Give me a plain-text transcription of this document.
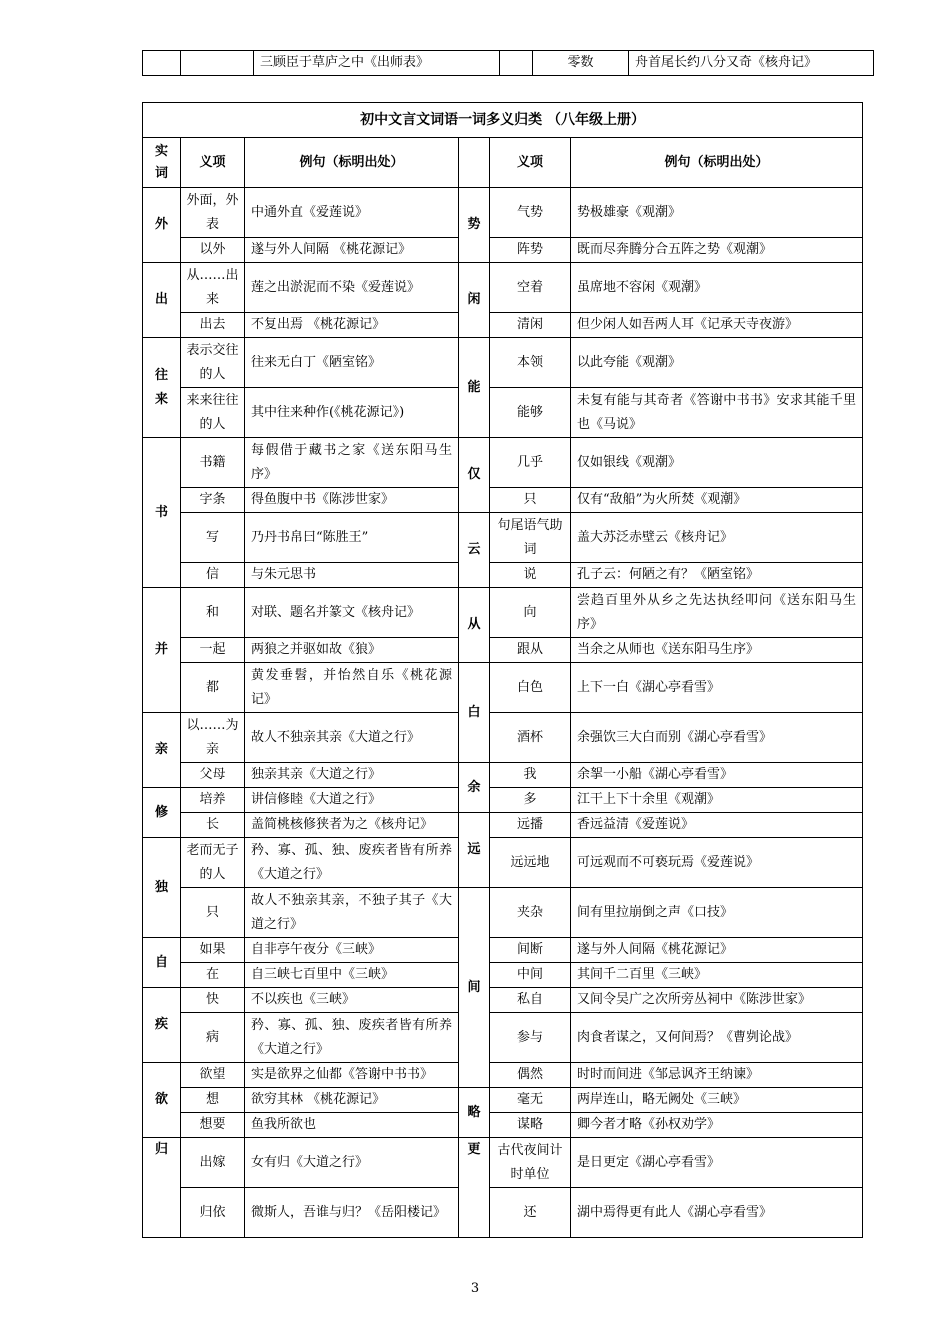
		三顾臣于草庐之中《出师表》		零数	舟首尾长约八分又奇《核舟记》
初中文言文词语一词多义归类 （八年级上册）					
实词	义项	例句（标明出处）		义项	例句（标明出处）
外	外面，外表	中通外直《爱莲说》	势	气势	势极雄豪《观潮》
	以外	遂与外人间隔 《桃花源记》		阵势	既而尽奔腾分合五阵之势《观潮》
出	从……出来	莲之出淤泥而不染《爱莲说》	闲	空着	虽席地不容闲《观潮》
	出去	不复出焉 《桃花源记》		清闲	但少闲人如吾两人耳《记承天寺夜游》
往来	表示交往的人	往来无白丁《陋室铭》	能	本领	以此夸能《观潮》
	来来往往的人	其中往来种作(《桃花源记》)		能够	未复有能与其奇者《答谢中书书》安求其能千里也《马说》
书	书籍	每假借于藏书之家《送东阳马生序》	仅	几乎	仅如银线《观潮》
	字条	得鱼腹中书《陈涉世家》		只	仅有“敌船”为火所焚《观潮》
	写	乃丹书帛曰“陈胜王”	云	句尾语气助词	盖大苏泛赤壁云《核舟记》
	信	与朱元思书		说	孔子云：何陋之有？《陋室铭》
并	和	对联、题名并篆文《核舟记》	从	向	尝趋百里外从乡之先达执经叩问《送东阳马生序》
	一起	两狼之并驱如故《狼》		跟从	当余之从师也《送东阳马生序》
	都	黄发垂髫，并怡然自乐《桃花源记》	白	白色	上下一白《湖心亭看雪》
亲	以……为亲	故人不独亲其亲《大道之行》		酒杯	余强饮三大白而别《湖心亭看雪》
	父母	独亲其亲《大道之行》	余	我	余挐一小船《湖心亭看雪》
修	培养	讲信修睦《大道之行》		多	江干上下十余里《观潮》
	长	盖简桃核修狭者为之《核舟记》	远	远播	香远益清《爱莲说》
独	老而无子的人	矜、寡、孤、独、废疾者皆有所养《大道之行》		远远地	可远观而不可亵玩焉《爱莲说》
	只	故人不独亲其亲，不独子其子《大道之行》	间	夹杂	间有里拉崩倒之声《口技》
自	如果	自非亭午夜分《三峡》		间断	遂与外人间隔《桃花源记》
	在	自三峡七百里中《三峡》		中间	其间千二百里《三峡》
疾	快	不以疾也《三峡》		私自	又间令吴广之次所旁丛祠中《陈涉世家》
	病	矜、寡、孤、独、废疾者皆有所养《大道之行》		参与	肉食者谋之，又何间焉？《曹刿论战》
欲	欲望	实是欲界之仙都《答谢中书书》		偶然	时时而间进《邹忌讽齐王纳谏》
	想	欲穷其林 《桃花源记》	略	毫无	两岸连山，略无阙处《三峡》
	想要	鱼我所欲也		谋略	卿今者才略《孙权劝学》
归	出嫁	女有归《大道之行》	更	古代夜间计时单位	是日更定《湖心亭看雪》
	归依	微斯人，吾谁与归？《岳阳楼记》		还	湖中焉得更有此人《湖心亭看雪》
3
